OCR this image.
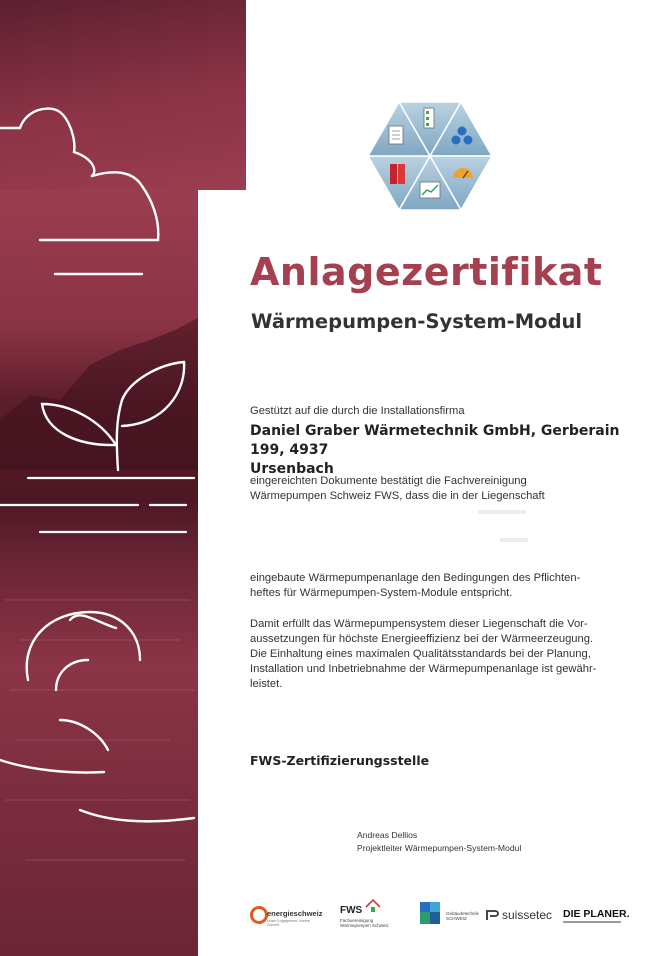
Anlagezertifikat
Wärmepumpen-System-Modul
Gestützt auf die durch die Installationsfirma
Daniel Graber Wärmetechnik GmbH, Gerberain 199, 4937
Ursenbach
eingereichten Dokumente bestätigt die Fachvereinigung
Wärmepumpen Schweiz FWS, dass die in der Liegenschaft
eingebaute Wärmepumpenanlage den Bedingungen des Pflichten-
heftes für Wärmepumpen-System-Module entspricht.
Damit erfüllt das Wärmepumpensystem dieser Liegenschaft die Vor-
aussetzungen für höchste Energieeffizienz bei der Wärmeerzeugung.
Die Einhaltung eines maximalen Qualitätsstandards bei der Planung,
Installation und Inbetriebnahme der Wärmepumpenanlage ist gewähr-
leistet.
FWS-Zertifizierungsstelle
Andreas Dellios
Projektleiter Wärmepumpen-System-Modul
energieschweiz
Unser Engagement: unsere Zukunft.
FWS
Fachvereinigung
Wärmepumpen Schweiz
Gebäudetechnik
SCHWEIZ	suissetec DIE PLANER.
